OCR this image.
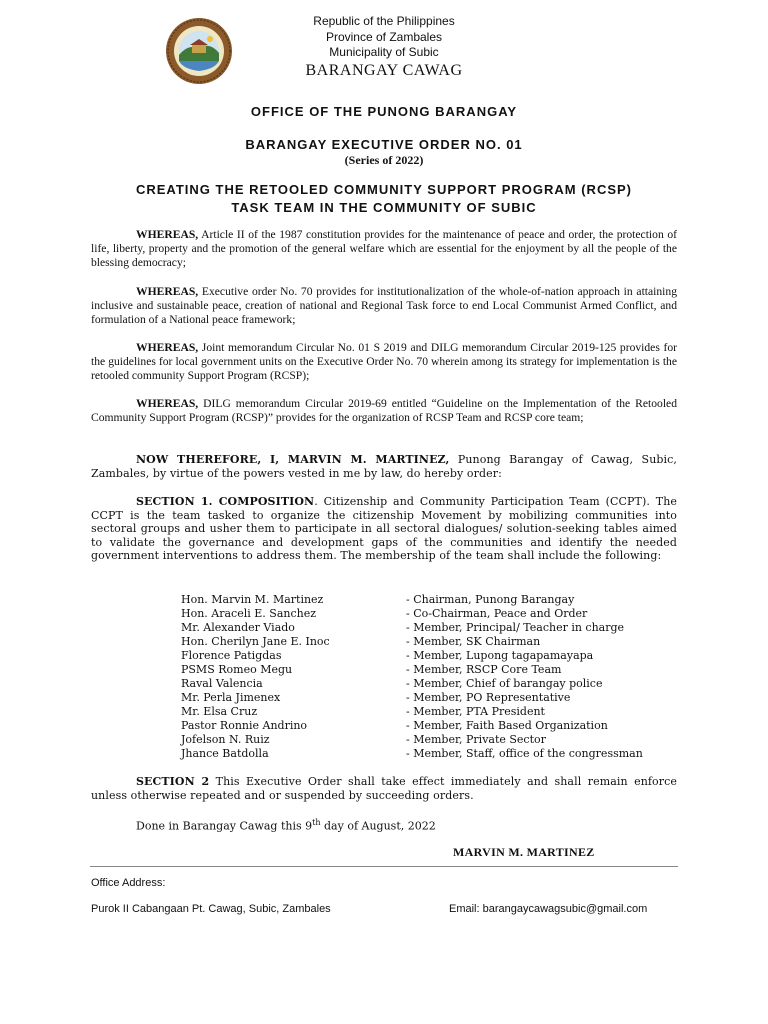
Republic of the Philippines
Province of Zambales
Municipality of Subic
BARANGAY CAWAG
OFFICE OF THE PUNONG BARANGAY
BARANGAY EXECUTIVE ORDER NO. 01
(Series of 2022)
CREATING THE RETOOLED COMMUNITY SUPPORT PROGRAM (RCSP)
TASK TEAM IN THE COMMUNITY OF SUBIC

WHEREAS, Article II of the 1987 constitution provides for the maintenance of peace and order, the protection of life, liberty, property and the promotion of the general welfare which are essential for the enjoyment by all the people of the blessing democracy;

WHEREAS, Executive order No. 70 provides for institutionalization of the whole-of-nation approach in attaining inclusive and sustainable peace, creation of national and Regional Task force to end Local Communist Armed Conflict, and formulation of a National peace framework;

WHEREAS, Joint memorandum Circular No. 01 S 2019 and DILG memorandum Circular 2019-125 provides for the guidelines for local government units on the Executive Order No. 70 wherein among its strategy for implementation is the retooled community Support Program (RCSP);

WHEREAS, DILG memorandum Circular 2019-69 entitled “Guideline on the Implementation of the Retooled Community Support Program (RCSP)” provides for the organization of RCSP Team and RCSP core team;

NOW THEREFORE, I, MARVIN M. MARTINEZ, Punong Barangay of Cawag, Subic, Zambales, by virtue of the powers vested in me by law, do hereby order:

SECTION 1. COMPOSITION. Citizenship and Community Participation Team (CCPT). The CCPT is the team tasked to organize the citizenship Movement by mobilizing communities into sectoral groups and usher them to participate in all sectoral dialogues/ solution-seeking tables aimed to validate the governance and development gaps of the communities and identify the needed government interventions to address them. The membership of the team shall include the following:

Hon. Marvin M. Martinez	- Chairman, Punong Barangay
Hon. Araceli E. Sanchez	- Co-Chairman, Peace and Order
Mr. Alexander Viado	- Member, Principal/ Teacher in charge
Hon. Cherilyn Jane E. Inoc	- Member, SK Chairman
Florence Patigdas	- Member, Lupong tagapamayapa
PSMS Romeo Megu	- Member, RSCP Core Team
Raval Valencia	- Member, Chief of barangay police
Mr. Perla Jimenex	- Member, PO Representative
Mr. Elsa Cruz	- Member, PTA President
Pastor Ronnie Andrino	- Member, Faith Based Organization
Jofelson N. Ruiz	- Member, Private Sector
Jhance Batdolla	- Member, Staff, office of the congressman

SECTION 2 This Executive Order shall take effect immediately and shall remain enforce unless otherwise repeated and or suspended by succeeding orders.

Done in Barangay Cawag this 9th day of August, 2022
MARVIN M. MARTINEZ
Office Address:
Purok II Cabangaan Pt. Cawag, Subic, Zambales	Email: barangaycawagsubic@gmail.com
